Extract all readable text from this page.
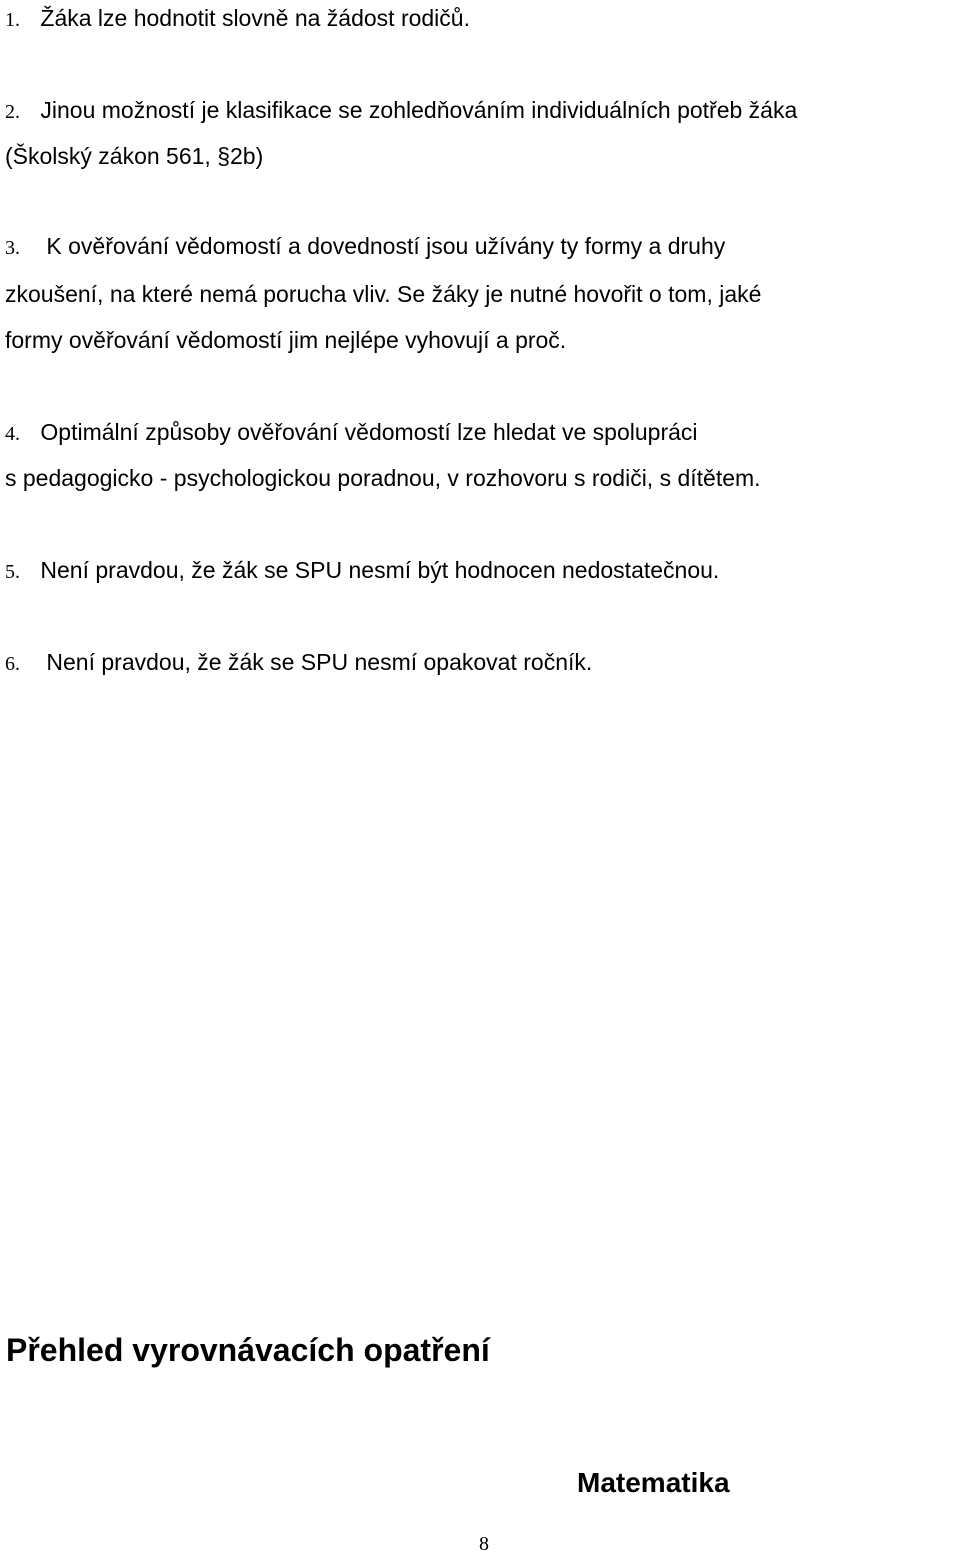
1. Žáka lze hodnotit slovně na žádost rodičů.
2. Jinou možností je klasifikace se zohledňováním individuálních potřeb žáka
(Školský zákon 561, §2b)
3. K ověřování vědomostí a dovedností jsou užívány ty formy a druhy
zkoušení, na které nemá porucha vliv. Se žáky je nutné hovořit o tom, jaké
formy ověřování vědomostí jim nejlépe vyhovují a proč.
4. Optimální způsoby ověřování vědomostí lze hledat ve spolupráci
s pedagogicko - psychologickou poradnou, v rozhovoru s rodiči, s dítětem.
5. Není pravdou, že žák se SPU nesmí být hodnocen nedostatečnou.
6. Není pravdou, že žák se SPU nesmí opakovat ročník.
Přehled vyrovnávacích opatření
Matematika
8
